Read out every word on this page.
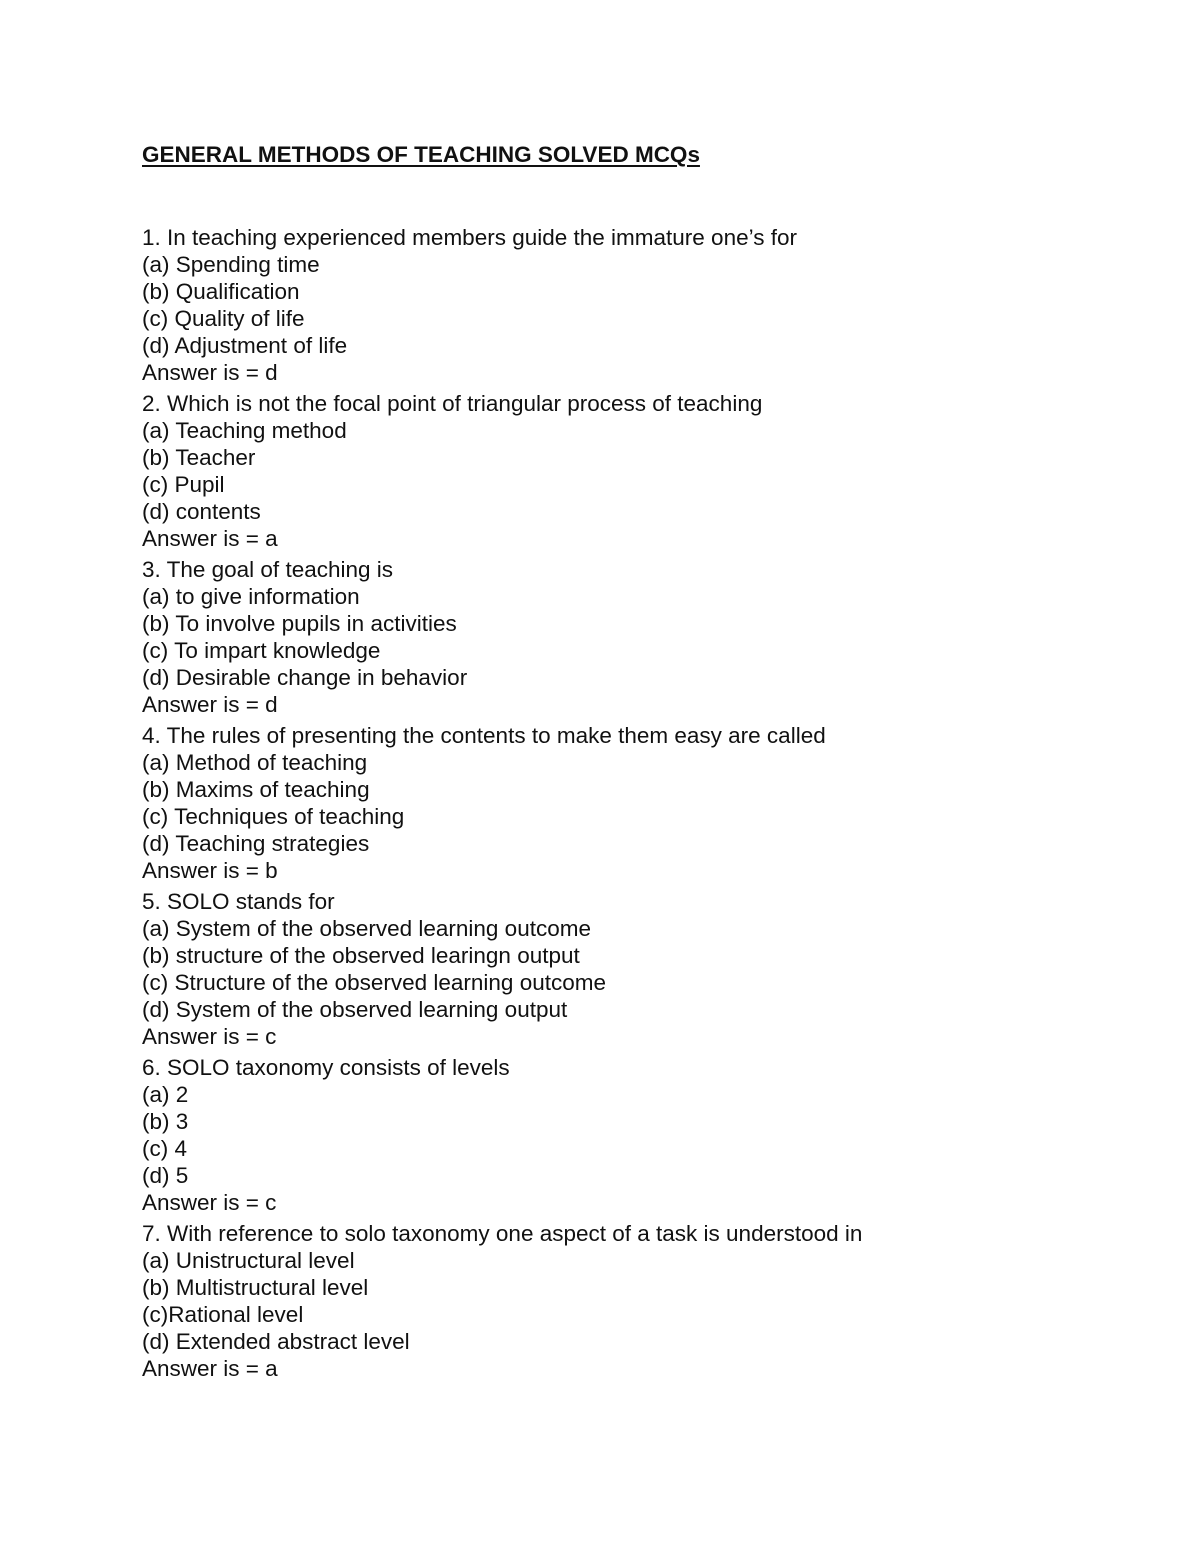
GENERAL METHODS OF TEACHING SOLVED MCQs
1. In teaching experienced members guide the immature one’s for
(a) Spending time
(b) Qualification
(c) Quality of life
(d) Adjustment of life
Answer is = d
2. Which is not the focal point of triangular process of teaching
(a) Teaching method
(b) Teacher
(c) Pupil
(d) contents
Answer is = a
3. The goal of teaching is
(a) to give information
(b) To involve pupils in activities
(c) To impart knowledge
(d) Desirable change in behavior
Answer is = d
4. The rules of presenting the contents to make them easy are called
(a) Method of teaching
(b) Maxims of teaching
(c) Techniques of teaching
(d) Teaching strategies
Answer is = b
5. SOLO stands for
(a) System of the observed learning outcome
(b) structure of the observed learingn output
(c) Structure of the observed learning outcome
(d) System of the observed learning output
Answer is = c
6. SOLO taxonomy consists of levels
(a) 2
(b) 3
(c) 4
(d) 5
Answer is = c
7. With reference to solo taxonomy one aspect of a task is understood in
(a) Unistructural level
(b) Multistructural level
(c)Rational level
(d) Extended abstract level
Answer is = a
